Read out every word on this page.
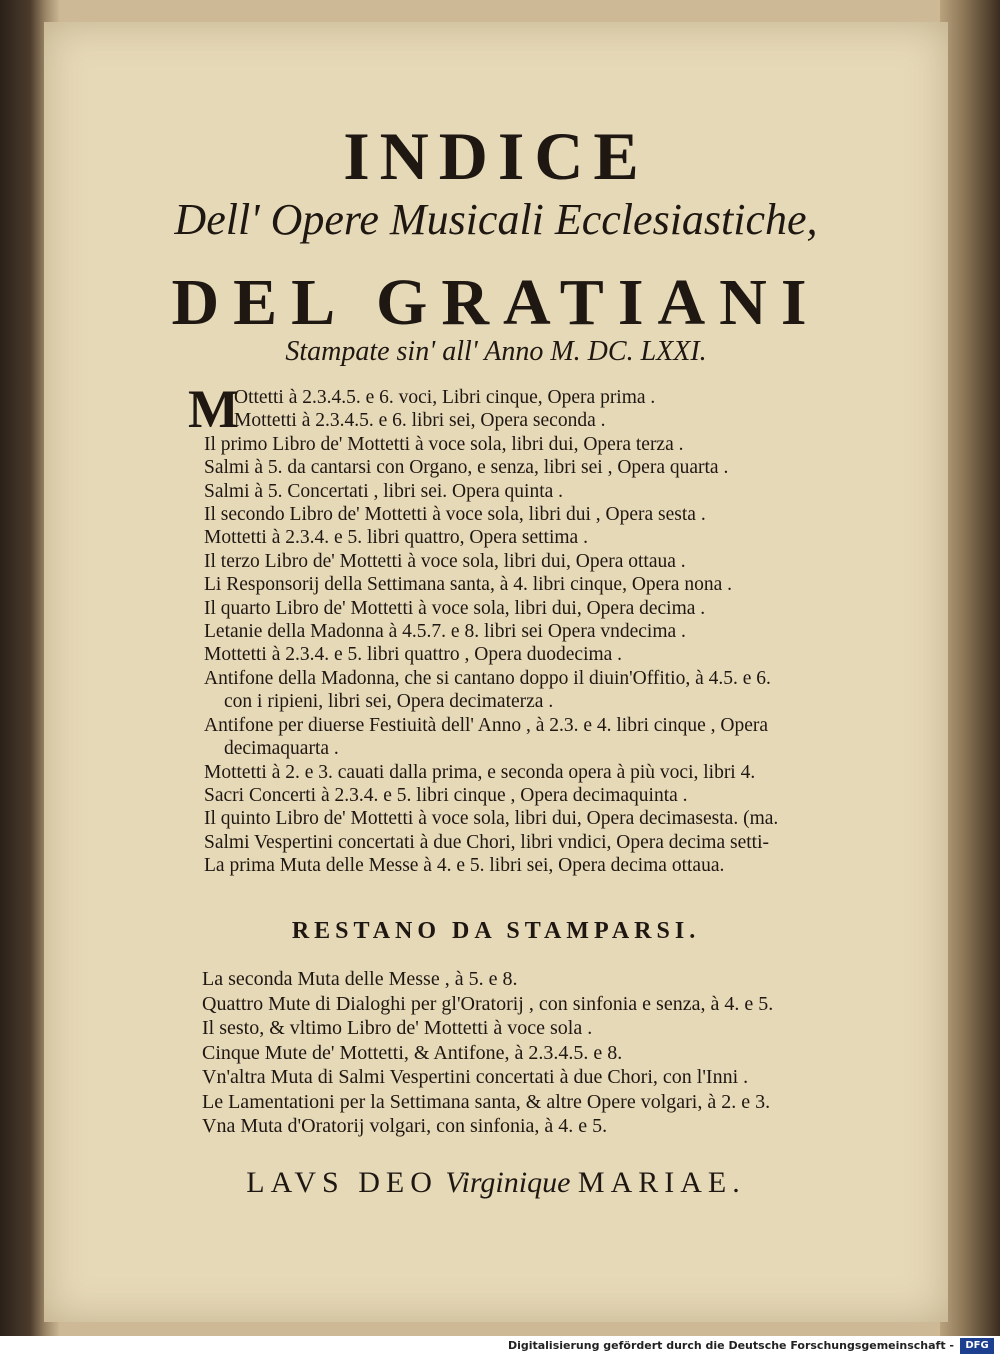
INDICE
Dell' Opere Musicali Ecclesiastiche,
DEL GRATIANI
Stampate sin' all' Anno M. DC. LXXI.
M
Ottetti à 2.3.4.5. e 6. voci, Libri cinque, Opera prima .
Mottetti à 2.3.4.5. e 6. libri sei, Opera seconda .
Il primo Libro de' Mottetti à voce sola, libri dui, Opera terza .
Salmi à 5. da cantarsi con Organo, e senza, libri sei , Opera quarta .
Salmi à 5. Concertati , libri sei. Opera quinta .
Il secondo Libro de' Mottetti à voce sola, libri dui , Opera sesta .
Mottetti à 2.3.4. e 5. libri quattro, Opera settima .
Il terzo Libro de' Mottetti à voce sola, libri dui, Opera ottaua .
Li Responsorij della Settimana santa, à 4. libri cinque, Opera nona .
Il quarto Libro de' Mottetti à voce sola, libri dui, Opera decima .
Letanie della Madonna à 4.5.7. e 8. libri sei Opera vndecima .
Mottetti à 2.3.4. e 5. libri quattro , Opera duodecima .
Antifone della Madonna, che si cantano doppo il diuin'Offitio, à 4.5. e 6.
con i ripieni, libri sei, Opera decimaterza .
Antifone per diuerse Festiuità dell' Anno , à 2.3. e 4. libri cinque , Opera
decimaquarta .
Mottetti à 2. e 3. cauati dalla prima, e seconda opera à più voci, libri 4.
Sacri Concerti à 2.3.4. e 5. libri cinque , Opera decimaquinta .
Il quinto Libro de' Mottetti à voce sola, libri dui, Opera decimasesta. (ma.
Salmi Vespertini concertati à due Chori, libri vndici, Opera decima setti-
La prima Muta delle Messe à 4. e 5. libri sei, Opera decima ottaua.
RESTANO DA STAMPARSI.
La seconda Muta delle Messe , à 5. e 8.
Quattro Mute di Dialoghi per gl'Oratorij , con sinfonia e senza, à 4. e 5.
Il sesto, & vltimo Libro de' Mottetti à voce sola .
Cinque Mute de' Mottetti, & Antifone, à 2.3.4.5. e 8.
Vn'altra Muta di Salmi Vespertini concertati à due Chori, con l'Inni .
Le Lamentationi per la Settimana santa, & altre Opere volgari, à 2. e 3.
Vna Muta d'Oratorij volgari, con sinfonia, à 4. e 5.
LAVS DEO Virginique MARIAE.
Digitalisierung gefördert durch die Deutsche Forschungsgemeinschaft -	DFG
